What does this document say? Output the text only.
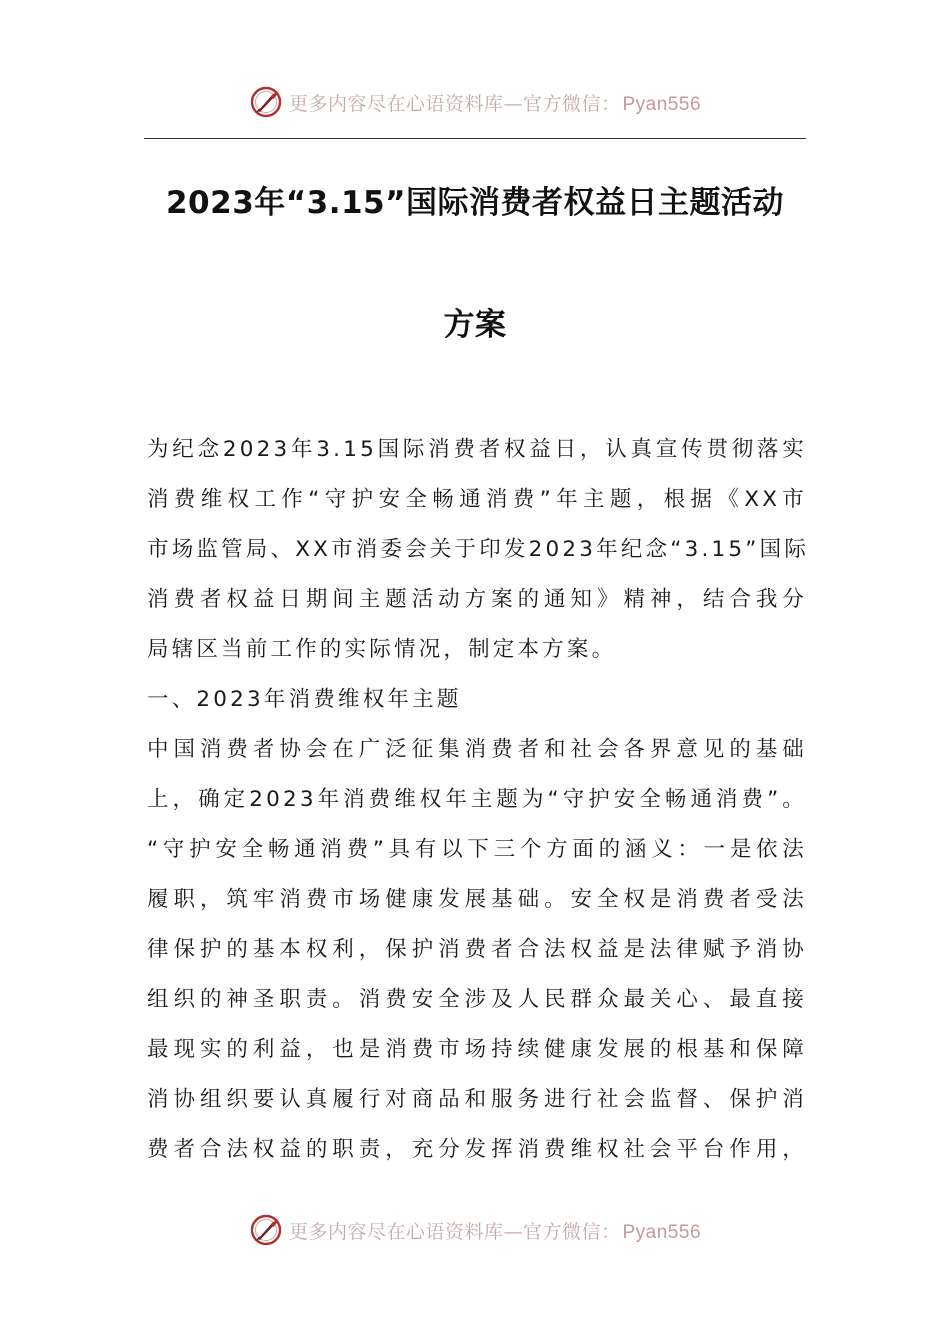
更多内容尽在心语资料库—官方微信： Pyan556
2023年“3.15”国际消费者权益日主题活动
方案

为纪念2023年3.15国际消费者权益日，认真宣传贯彻落实

消费维权工作“守护安全畅通消费”年主题，根据《XX市

市场监管局、XX市消委会关于印发2023年纪念“3.15”国际

消费者权益日期间主题活动方案的通知》精神，结合我分

局辖区当前工作的实际情况，制定本方案。

一、2023年消费维权年主题

中国消费者协会在广泛征集消费者和社会各界意见的基础

上，确定2023年消费维权年主题为“守护安全畅通消费”。

“守护安全畅通消费”具有以下三个方面的涵义：一是依法

履职，筑牢消费市场健康发展基础。安全权是消费者受法

律保护的基本权利，保护消费者合法权益是法律赋予消协

组织的神圣职责。消费安全涉及人民群众最关心、最直接

最现实的利益，也是消费市场持续健康发展的根基和保障

消协组织要认真履行对商品和服务进行社会监督、保护消

费者合法权益的职责，充分发挥消费维权社会平台作用，

更多内容尽在心语资料库—官方微信： Pyan556
